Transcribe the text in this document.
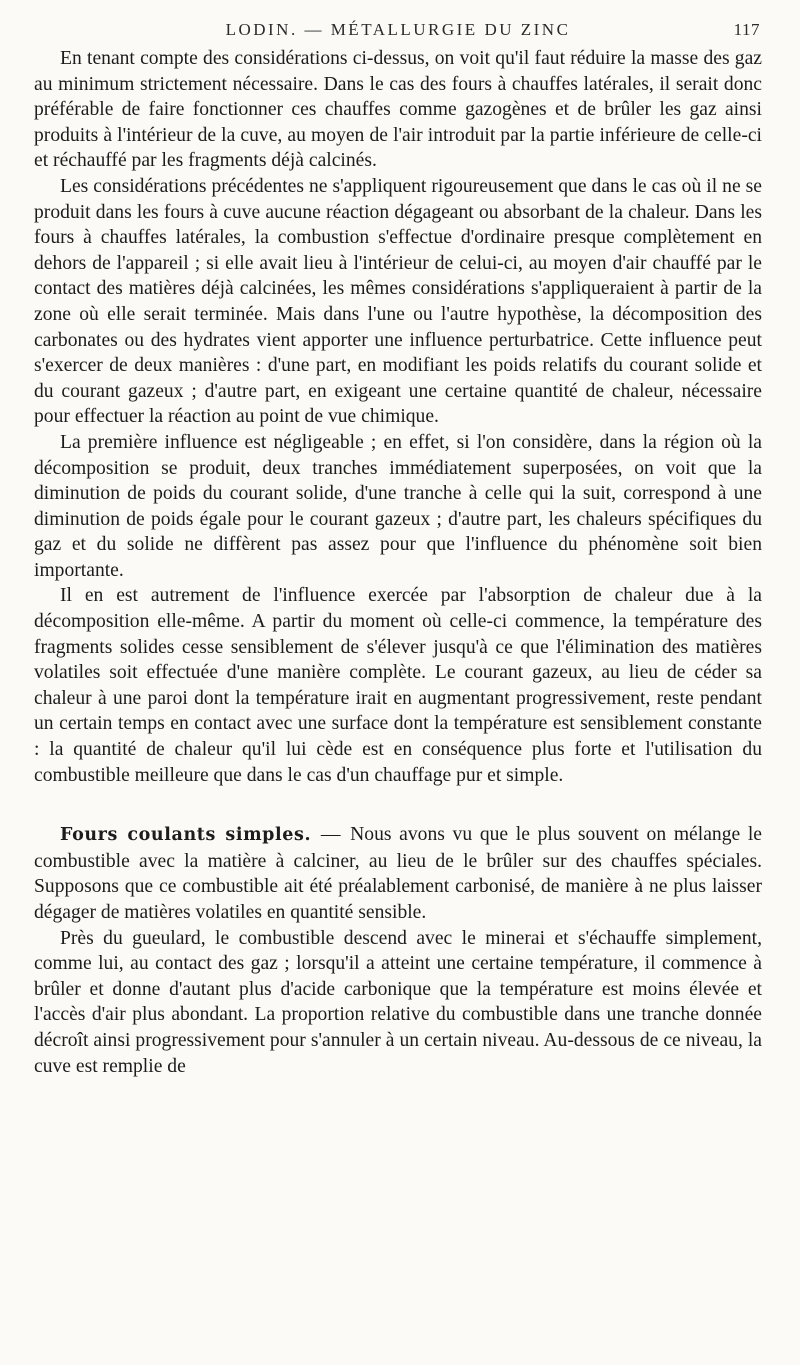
LODIN. — MÉTALLURGIE DU ZINC	117

En tenant compte des considérations ci-dessus, on voit qu'il faut réduire la masse des gaz au minimum strictement nécessaire. Dans le cas des fours à chauffes latérales, il serait donc préférable de faire fonctionner ces chauffes comme gazogènes et de brûler les gaz ainsi produits à l'intérieur de la cuve, au moyen de l'air introduit par la partie inférieure de celle-ci et réchauffé par les fragments déjà calcinés.

Les considérations précédentes ne s'appliquent rigoureusement que dans le cas où il ne se produit dans les fours à cuve aucune réaction dégageant ou absorbant de la chaleur. Dans les fours à chauffes latérales, la combustion s'effectue d'ordinaire presque complètement en dehors de l'appareil ; si elle avait lieu à l'intérieur de celui-ci, au moyen d'air chauffé par le contact des matières déjà calcinées, les mêmes considérations s'appliqueraient à partir de la zone où elle serait terminée. Mais dans l'une ou l'autre hypothèse, la décomposition des carbonates ou des hydrates vient apporter une influence perturbatrice. Cette influence peut s'exercer de deux manières : d'une part, en modifiant les poids relatifs du courant solide et du courant gazeux ; d'autre part, en exigeant une certaine quantité de chaleur, nécessaire pour effectuer la réaction au point de vue chimique.

La première influence est négligeable ; en effet, si l'on considère, dans la région où la décomposition se produit, deux tranches immédiatement superposées, on voit que la diminution de poids du courant solide, d'une tranche à celle qui la suit, correspond à une diminution de poids égale pour le courant gazeux ; d'autre part, les chaleurs spécifiques du gaz et du solide ne diffèrent pas assez pour que l'influence du phénomène soit bien importante.

Il en est autrement de l'influence exercée par l'absorption de chaleur due à la décomposition elle-même. A partir du moment où celle-ci commence, la température des fragments solides cesse sensiblement de s'élever jusqu'à ce que l'élimination des matières volatiles soit effectuée d'une manière complète. Le courant gazeux, au lieu de céder sa chaleur à une paroi dont la température irait en augmentant progressivement, reste pendant un certain temps en contact avec une surface dont la température est sensiblement constante : la quantité de chaleur qu'il lui cède est en conséquence plus forte et l'utilisation du combustible meilleure que dans le cas d'un chauffage pur et simple.

Fours coulants simples. — Nous avons vu que le plus souvent on mélange le combustible avec la matière à calciner, au lieu de le brûler sur des chauffes spéciales. Supposons que ce combustible ait été préalablement carbonisé, de manière à ne plus laisser dégager de matières volatiles en quantité sensible.

Près du gueulard, le combustible descend avec le minerai et s'échauffe simplement, comme lui, au contact des gaz ; lorsqu'il a atteint une certaine température, il commence à brûler et donne d'autant plus d'acide carbonique que la température est moins élevée et l'accès d'air plus abondant. La proportion relative du combustible dans une tranche donnée décroît ainsi progressivement pour s'annuler à un certain niveau. Au-dessous de ce niveau, la cuve est remplie de
